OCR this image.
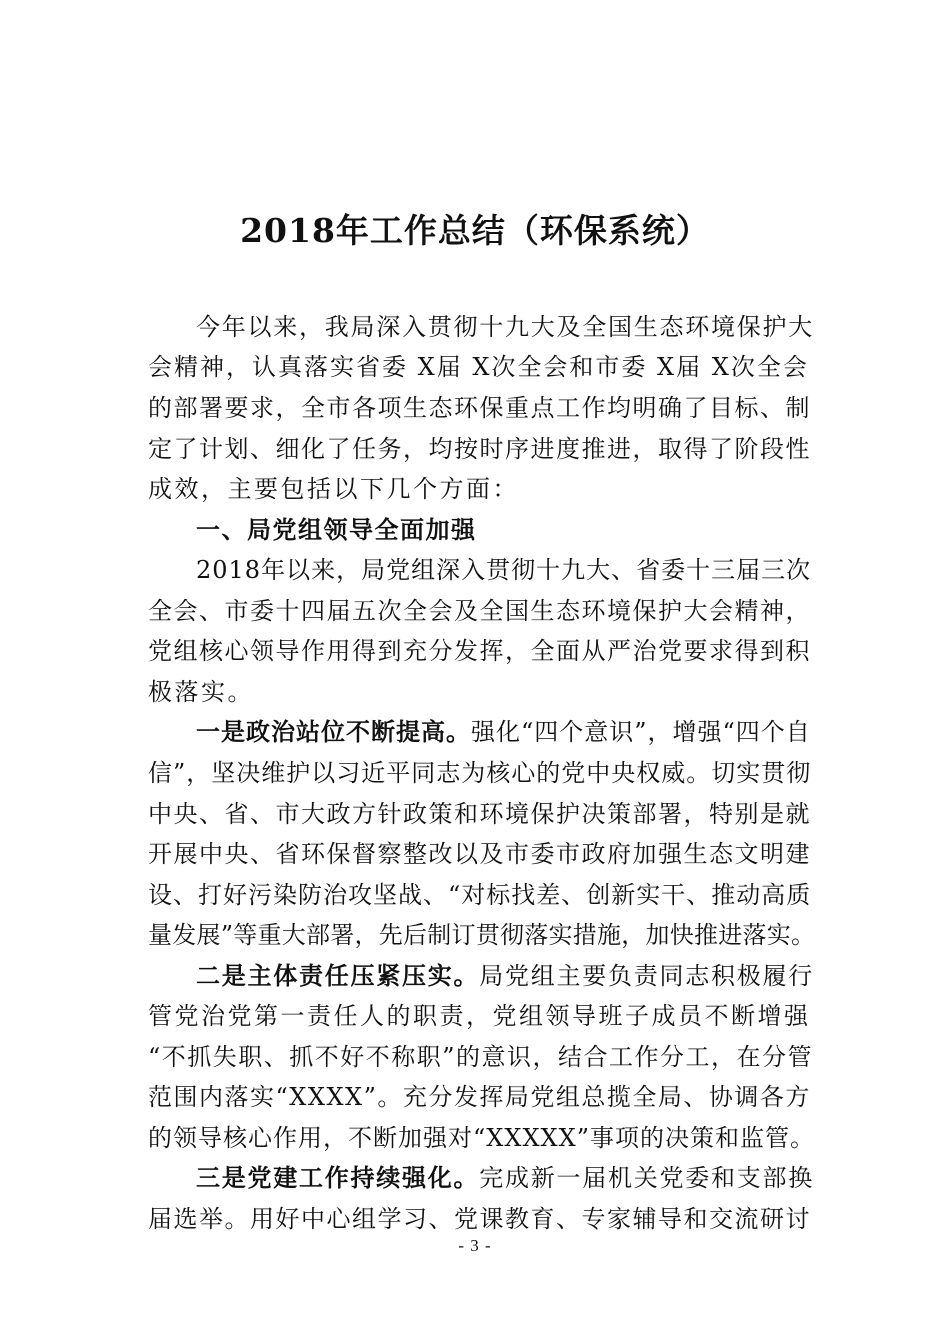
2018年工作总结（环保系统）
今年以来，我局深入贯彻十九大及全国生态环境保护大
会精神，认真落实省委 X届 X次全会和市委 X届 X次全会
的部署要求，全市各项生态环保重点工作均明确了目标、制
定了计划、细化了任务，均按时序进度推进，取得了阶段性
成效，主要包括以下几个方面：
一、局党组领导全面加强
2018年以来，局党组深入贯彻十九大、省委十三届三次
全会、市委十四届五次全会及全国生态环境保护大会精神，
党组核心领导作用得到充分发挥，全面从严治党要求得到积
极落实。
一是政治站位不断提高。强化“四个意识”，增强“四个自
信”，坚决维护以习近平同志为核心的党中央权威。切实贯彻
中央、省、市大政方针政策和环境保护决策部署，特别是就
开展中央、省环保督察整改以及市委市政府加强生态文明建
设、打好污染防治攻坚战、“对标找差、创新实干、推动高质
量发展”等重大部署，先后制订贯彻落实措施，加快推进落实。
二是主体责任压紧压实。局党组主要负责同志积极履行
管党治党第一责任人的职责，党组领导班子成员不断增强
“不抓失职、抓不好不称职”的意识，结合工作分工，在分管
范围内落实“XXXX”。充分发挥局党组总揽全局、协调各方
的领导核心作用，不断加强对“XXXXX”事项的决策和监管。
三是党建工作持续强化。完成新一届机关党委和支部换
届选举。用好中心组学习、党课教育、专家辅导和交流研讨
- 3 -
